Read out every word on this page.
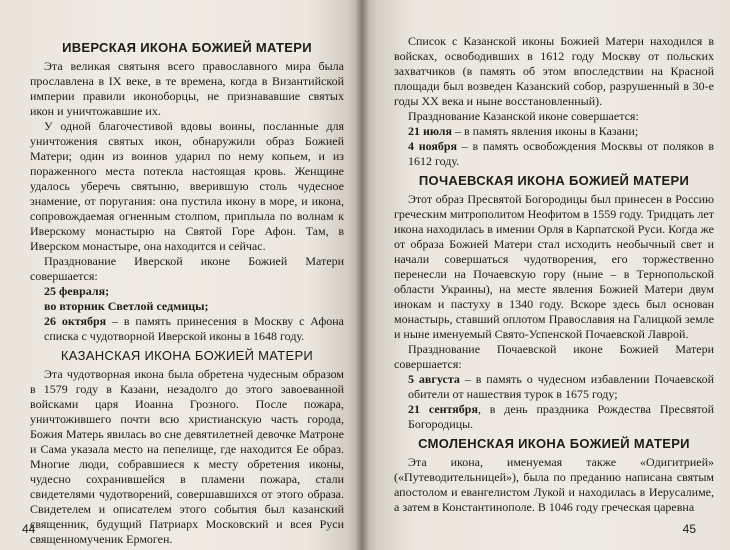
ИВЕРСКАЯ ИКОНА БОЖИЕЙ МАТЕРИ

Эта великая святыня всего православного мира была прославлена в IX веке, в те времена, когда в Византийской империи правили иконоборцы, не признававшие святых икон и уничтожавшие их.

У одной благочестивой вдовы воины, посланные для уничтожения святых икон, обнаружили образ Божией Матери; один из воинов ударил по нему копьем, и из пораженного места потекла настоящая кровь. Женщине удалось уберечь святыню, вверившую столь чудесное знамение, от поругания: она пустила икону в море, и икона, сопровождаемая огненным столпом, приплыла по волнам к Иверскому монастырю на Святой Горе Афон. Там, в Иверском монастыре, она находится и сейчас.

Празднование Иверской иконе Божией Матери совершается:

25 февраля;

во вторник Светлой седмицы;

26 октября – в память принесения в Москву с Афона списка с чудотворной Иверской иконы в 1648 году.

КАЗАНСКАЯ ИКОНА БОЖИЕЙ МАТЕРИ

Эта чудотворная икона была обретена чудесным образом в 1579 году в Казани, незадолго до этого завоеванной войсками царя Иоанна Грозного. После пожара, уничтожившего почти всю христианскую часть города, Божия Матерь явилась во сне девятилетней девочке Матроне и Сама указала место на пепелище, где находится Ее образ. Многие люди, собравшиеся к месту обретения иконы, чудесно сохранившейся в пламени пожара, стали свидетелями чудотворений, совершавшихся от этого образа. Свидетелем и описателем этого события был казанский священник, будущий Патриарх Московский и всея Руси священномученик Ермоген.

44

Список с Казанской иконы Божией Матери находился в войсках, освободивших в 1612 году Москву от польских захватчиков (в память об этом впоследствии на Красной площади был возведен Казанский собор, разрушенный в 30-е годы XX века и ныне восстановленный).

Празднование Казанской иконе совершается:

21 июля – в память явления иконы в Казани;

4 ноября – в память освобождения Москвы от поляков в 1612 году.

ПОЧАЕВСКАЯ ИКОНА БОЖИЕЙ МАТЕРИ

Этот образ Пресвятой Богородицы был принесен в Россию греческим митрополитом Неофитом в 1559 году. Тридцать лет икона находилась в имении Орля в Карпатской Руси. Когда же от образа Божией Матери стал исходить необычный свет и начали совершаться чудотворения, его торжественно перенесли на Почаевскую гору (ныне – в Тернопольской области Украины), на месте явления Божией Матери двум инокам и пастуху в 1340 году. Вскоре здесь был основан монастырь, ставший оплотом Православия на Галицкой земле и ныне именуемый Свято-Успенской Почаевской Лаврой.

Празднование Почаевской иконе Божией Матери совершается:

5 августа – в память о чудесном избавлении Почаевской обители от нашествия турок в 1675 году;

21 сентября, в день праздника Рождества Пресвятой Богородицы.

СМОЛЕНСКАЯ ИКОНА БОЖИЕЙ МАТЕРИ

Эта икона, именуемая также «Одигитрией» («Путеводительницей»), была по преданию написана святым апостолом и евангелистом Лукой и находилась в Иерусалиме, а затем в Константинополе. В 1046 году греческая царевна

45
